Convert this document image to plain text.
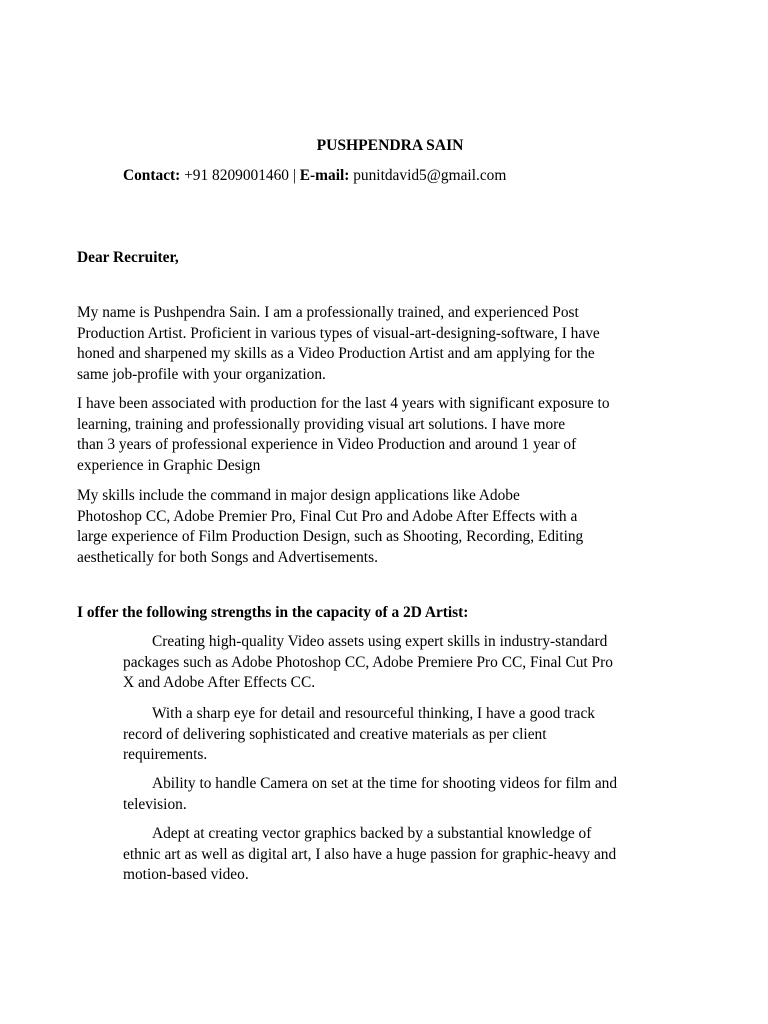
PUSHPENDRA SAIN
Contact: +91 8209001460 | E-mail: punitdavid5@gmail.com
Dear Recruiter,
My name is Pushpendra Sain. I am a professionally trained, and experienced Post
Production Artist. Proficient in various types of visual-art-designing-software, I have
honed and sharpened my skills as a Video Production Artist and am applying for the
same job-profile with your organization.
I have been associated with production for the last 4 years with significant exposure to
learning, training and professionally providing visual art solutions. I have more
than 3 years of professional experience in Video Production and around 1 year of
experience in Graphic Design
My skills include the command in major design applications like Adobe
Photoshop CC, Adobe Premier Pro, Final Cut Pro and Adobe After Effects with a
large experience of Film Production Design, such as Shooting, Recording, Editing
aesthetically for both Songs and Advertisements.
I offer the following strengths in the capacity of a 2D Artist:
Creating high-quality Video assets using expert skills in industry-standard
packages such as Adobe Photoshop CC, Adobe Premiere Pro CC, Final Cut Pro
X and Adobe After Effects CC.
With a sharp eye for detail and resourceful thinking, I have a good track
record of delivering sophisticated and creative materials as per client
requirements.
Ability to handle Camera on set at the time for shooting videos for film and
television.
Adept at creating vector graphics backed by a substantial knowledge of
ethnic art as well as digital art, I also have a huge passion for graphic-heavy and
motion-based video.
